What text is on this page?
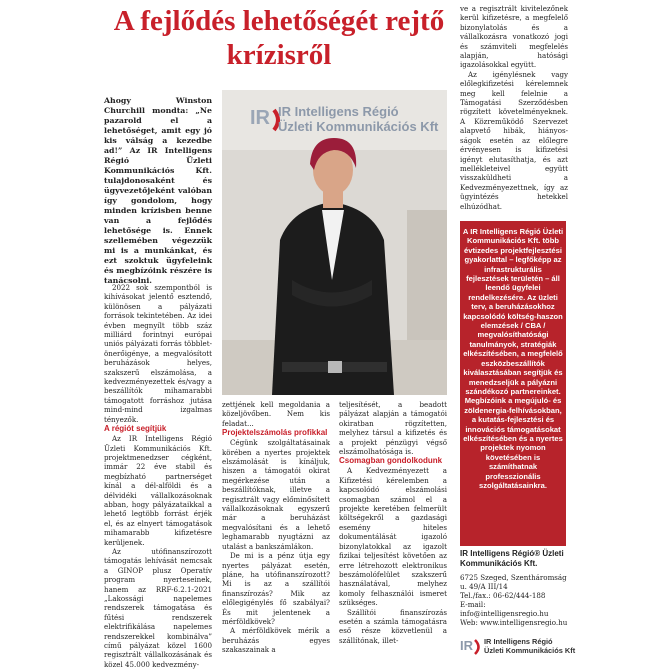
A fejlődés lehetőségét rejtő krízisről
Ahogy Winston Churchill mondta: „Ne pazarold el a lehetőséget, amit egy jó kis válság a kezedbe ad!” Az IR Intelligens Régió Üzleti Kommunikációs Kft. tulajdonosaként és ügyvezetőjeként valóban így gondolom, hogy minden krízisben benne van a fejlődés lehetősége is. Ennek szellemében végezzük mi is a munkánkat, és ezt szoktuk ügyfeleink és megbízóink részére is tanácsolni.
IR IR Intelligens Régió
Üzleti Kommunikációs Kft

2022 sok szempontból is kihívásokat jelentő esztendő, különösen a pályázati források tekintetében. Az idei évben megnyílt több száz milliárd forintnyi európai uniós pályázati forrás többlet-önerőigénye, a megvalósított beruházások helyes, szakszerű elszámolása, a kedvezményezettek és/vagy a beszállítók mihamarabbi támogatott forráshoz jutása mind-mind izgalmas tényezők.

A régiót segítjük

Az IR Intelligens Régió Üzleti Kommunikációs Kft. projektmenedzser cégként, immár 22 éve stabil és megbízható partnerséget kínál a dél-alföldi és a délvidéki vállalkozásoknak abban, hogy pályázataikkal a lehető legtöbb forrást érjék el, és az elnyert támogatások mihamarabb kifizetésre kerüljenek.

Az utófinanszírozott támogatás lehívását nemcsak a GINOP plusz Operatív program nyerteseinek, hanem az RRF-6.2.1-2021 „Lakossági napelemes rendszerek támogatása és fűtési rendszerek elektrifikálása napelemes rendszerekkel kombinálva” című pályázat közel 1600 regisztrált vállalkozásának és közel 45.000 kedvezmény-

zettjének kell megoldania a közeljövőben. Nem kis feladat...

Projektelszámolás profikkal

Cégünk szolgáltatásainak körében a nyertes projektek elszámolását is kínáljuk, hiszen a támogatói okirat megérkezése után a beszállítóknak, illetve a regisztrált vagy előminősített vállalkozásoknak egyszerű már a beruházást megvalósítani és a lehető leghamarabb nyugtázni az utalást a bankszámlákon.

De mi is a pénz útja egy nyertes pályázat esetén, pláne, ha utófinanszírozott? Mi is az a szállítói finanszírozás? Mik az előlegigénylés fő szabályai? És mit jelentenek a mérföldkövek?

A mérföldkövek mérik a beruházás egyes szakaszainak a

teljesítését, a beadott pályázat alapján a támogatói okiratban rögzítetten, melyhez társul a kifizetés és a projekt pénzügyi végső elszámolhatósága is.

Csomagban gondolkodunk

A Kedvezményezett a Kifizetési kérelemben a kapcsolódó elszámolási csomagban számol el a projekte keretében felmerült költségekről a gazdasági esemény hiteles dokumentálását igazoló bizonylatokkal az igazolt fizikai teljesítést követően az erre létrehozott elektronikus beszámolófelület szakszerű használatával, melyhez komoly felhasználói ismeret szükséges.

Szállítói finanszírozás esetén a számla támogatásra eső része közvetlenül a szállítónak, illet-

ve a regisztrált kivitelezőnek kerül kifizetésre, a megfelelő bizonylatolás és a vállalkozásra vonatkozó jogi és számviteli megfelelés alapján, hatósági igazolásokkal együtt.

Az igénylésnek vagy előlegkifizetési kérelemnek meg kell felelnie a Támogatási Szerződésben rögzített követelményeknek. A Közreműködő Szervezet alapvető hibák, hiányos-ságok esetén az előlegre érvényesen is kifizetési igényt elutasíthatja, és azt mellékleteivel együtt visszaküldheti a Kedvezményezettnek, így az ügyintézés hetekkel elhúzódhat.

A IR Intelligens Régió Üzleti Kommunikációs Kft. több évtizedes projektfejlesztési gyakorlattal – legfőképp az infrastrukturális fejlesztések területén – áll leendő ügyfelei rendelkezésére. Az üzleti terv, a beruházásokhoz kapcsolódó költség-haszon elemzések / CBA / megvalósíthatósági tanulmányok, stratégiák elkészítésében, a megfelelő eszközbeszállítók kiválasztásában segítjük és menedzseljük a pályázni szándékozó partnereinket. Megbízóink a megújuló- és zöldenergia-felhívásokban, a kutatás-fejlesztési és innovációs támogatásokat elkészítésében és a nyertes projektek nyomon követésében is számíthatnak professzionális szolgáltatásainkra.
IR Intelligens Régió® Üzleti Kommunikációs Kft.
6725 Szeged, Szentháromság u. 49/A III/14
Tel./fax.: 06-62/444-188
E-mail: info@intelligensregio.hu
Web: www.intelligensregio.hu
IR IR Intelligens Régió
Üzleti Kommunikációs Kft
